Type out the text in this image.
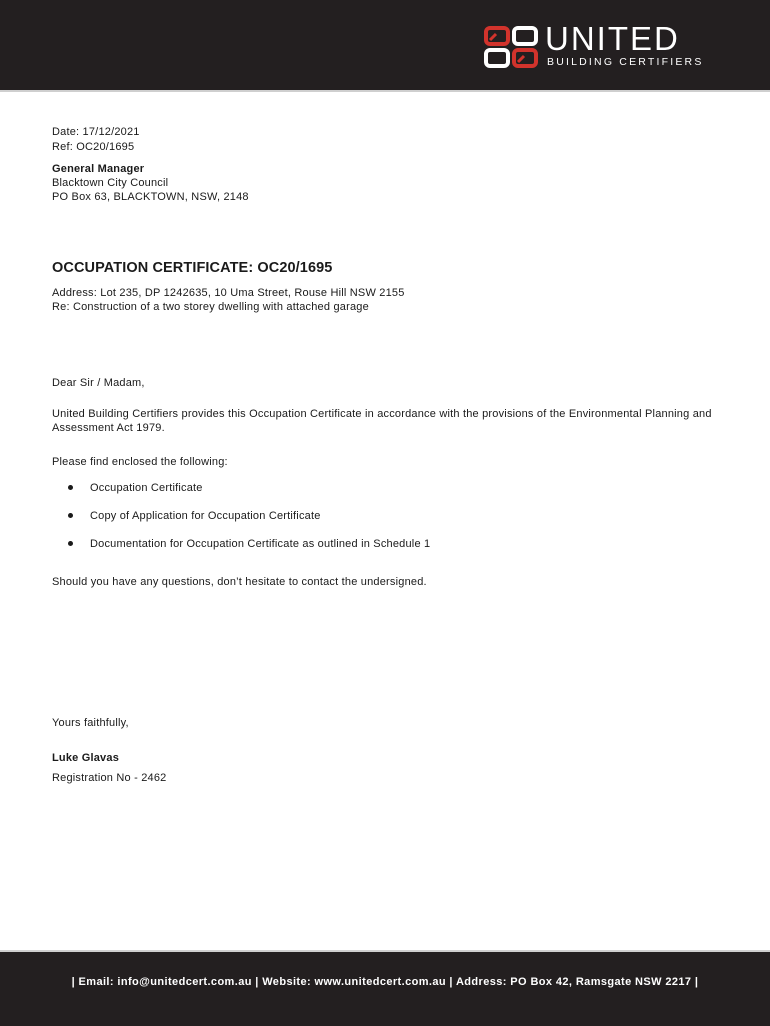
UNITED
BUILDING CERTIFIERS
Date: 17/12/2021
Ref: OC20/1695
General Manager
Blacktown City Council
PO Box 63, BLACKTOWN, NSW, 2148
OCCUPATION CERTIFICATE: OC20/1695
Address: Lot 235, DP 1242635, 10 Uma Street, Rouse Hill NSW 2155
Re: Construction of a two storey dwelling with attached garage
Dear Sir / Madam,
United Building Certifiers provides this Occupation Certificate in accordance with the provisions of the Environmental Planning and Assessment Act 1979.
Please find enclosed the following:
Occupation Certificate
Copy of Application for Occupation Certificate
Documentation for Occupation Certificate as outlined in Schedule 1
Should you have any questions, don’t hesitate to contact the undersigned.
Yours faithfully,
Luke Glavas
Registration No - 2462
| Email: info@unitedcert.com.au | Website: www.unitedcert.com.au | Address: PO Box 42, Ramsgate NSW 2217 |
